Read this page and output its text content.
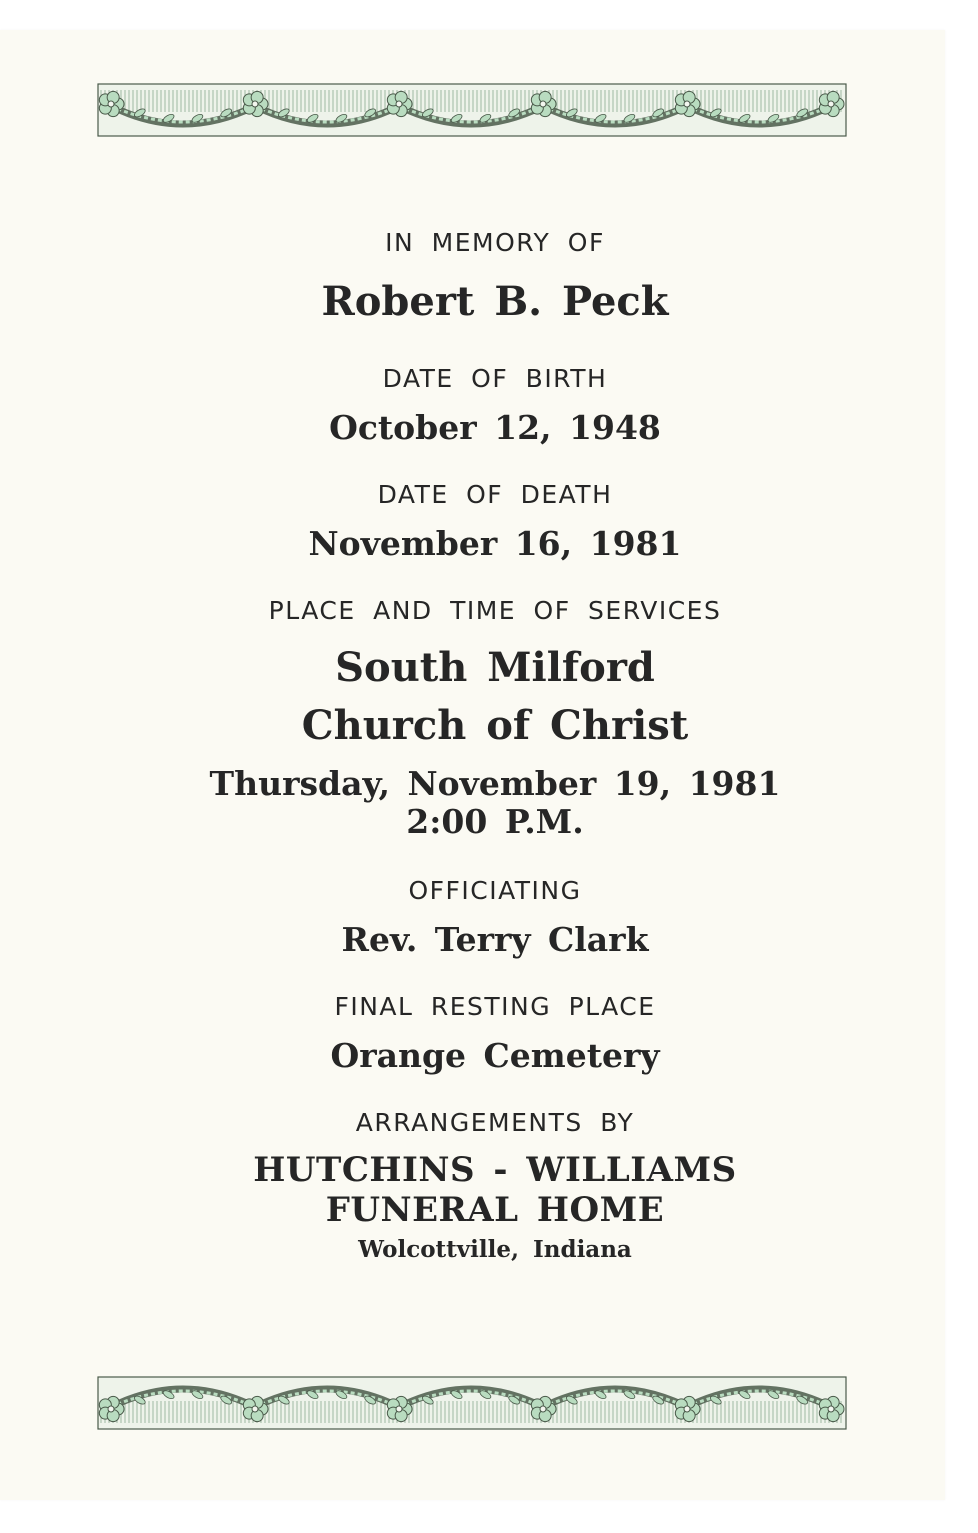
IN MEMORY OF
Robert B. Peck
DATE OF BIRTH
October 12, 1948
DATE OF DEATH
November 16, 1981
PLACE AND TIME OF SERVICES
South Milford
Church of Christ
Thursday, November 19, 1981
2:00 P.M.
OFFICIATING
Rev. Terry Clark
FINAL RESTING PLACE
Orange Cemetery
ARRANGEMENTS BY
HUTCHINS - WILLIAMS
FUNERAL HOME
Wolcottville, Indiana
